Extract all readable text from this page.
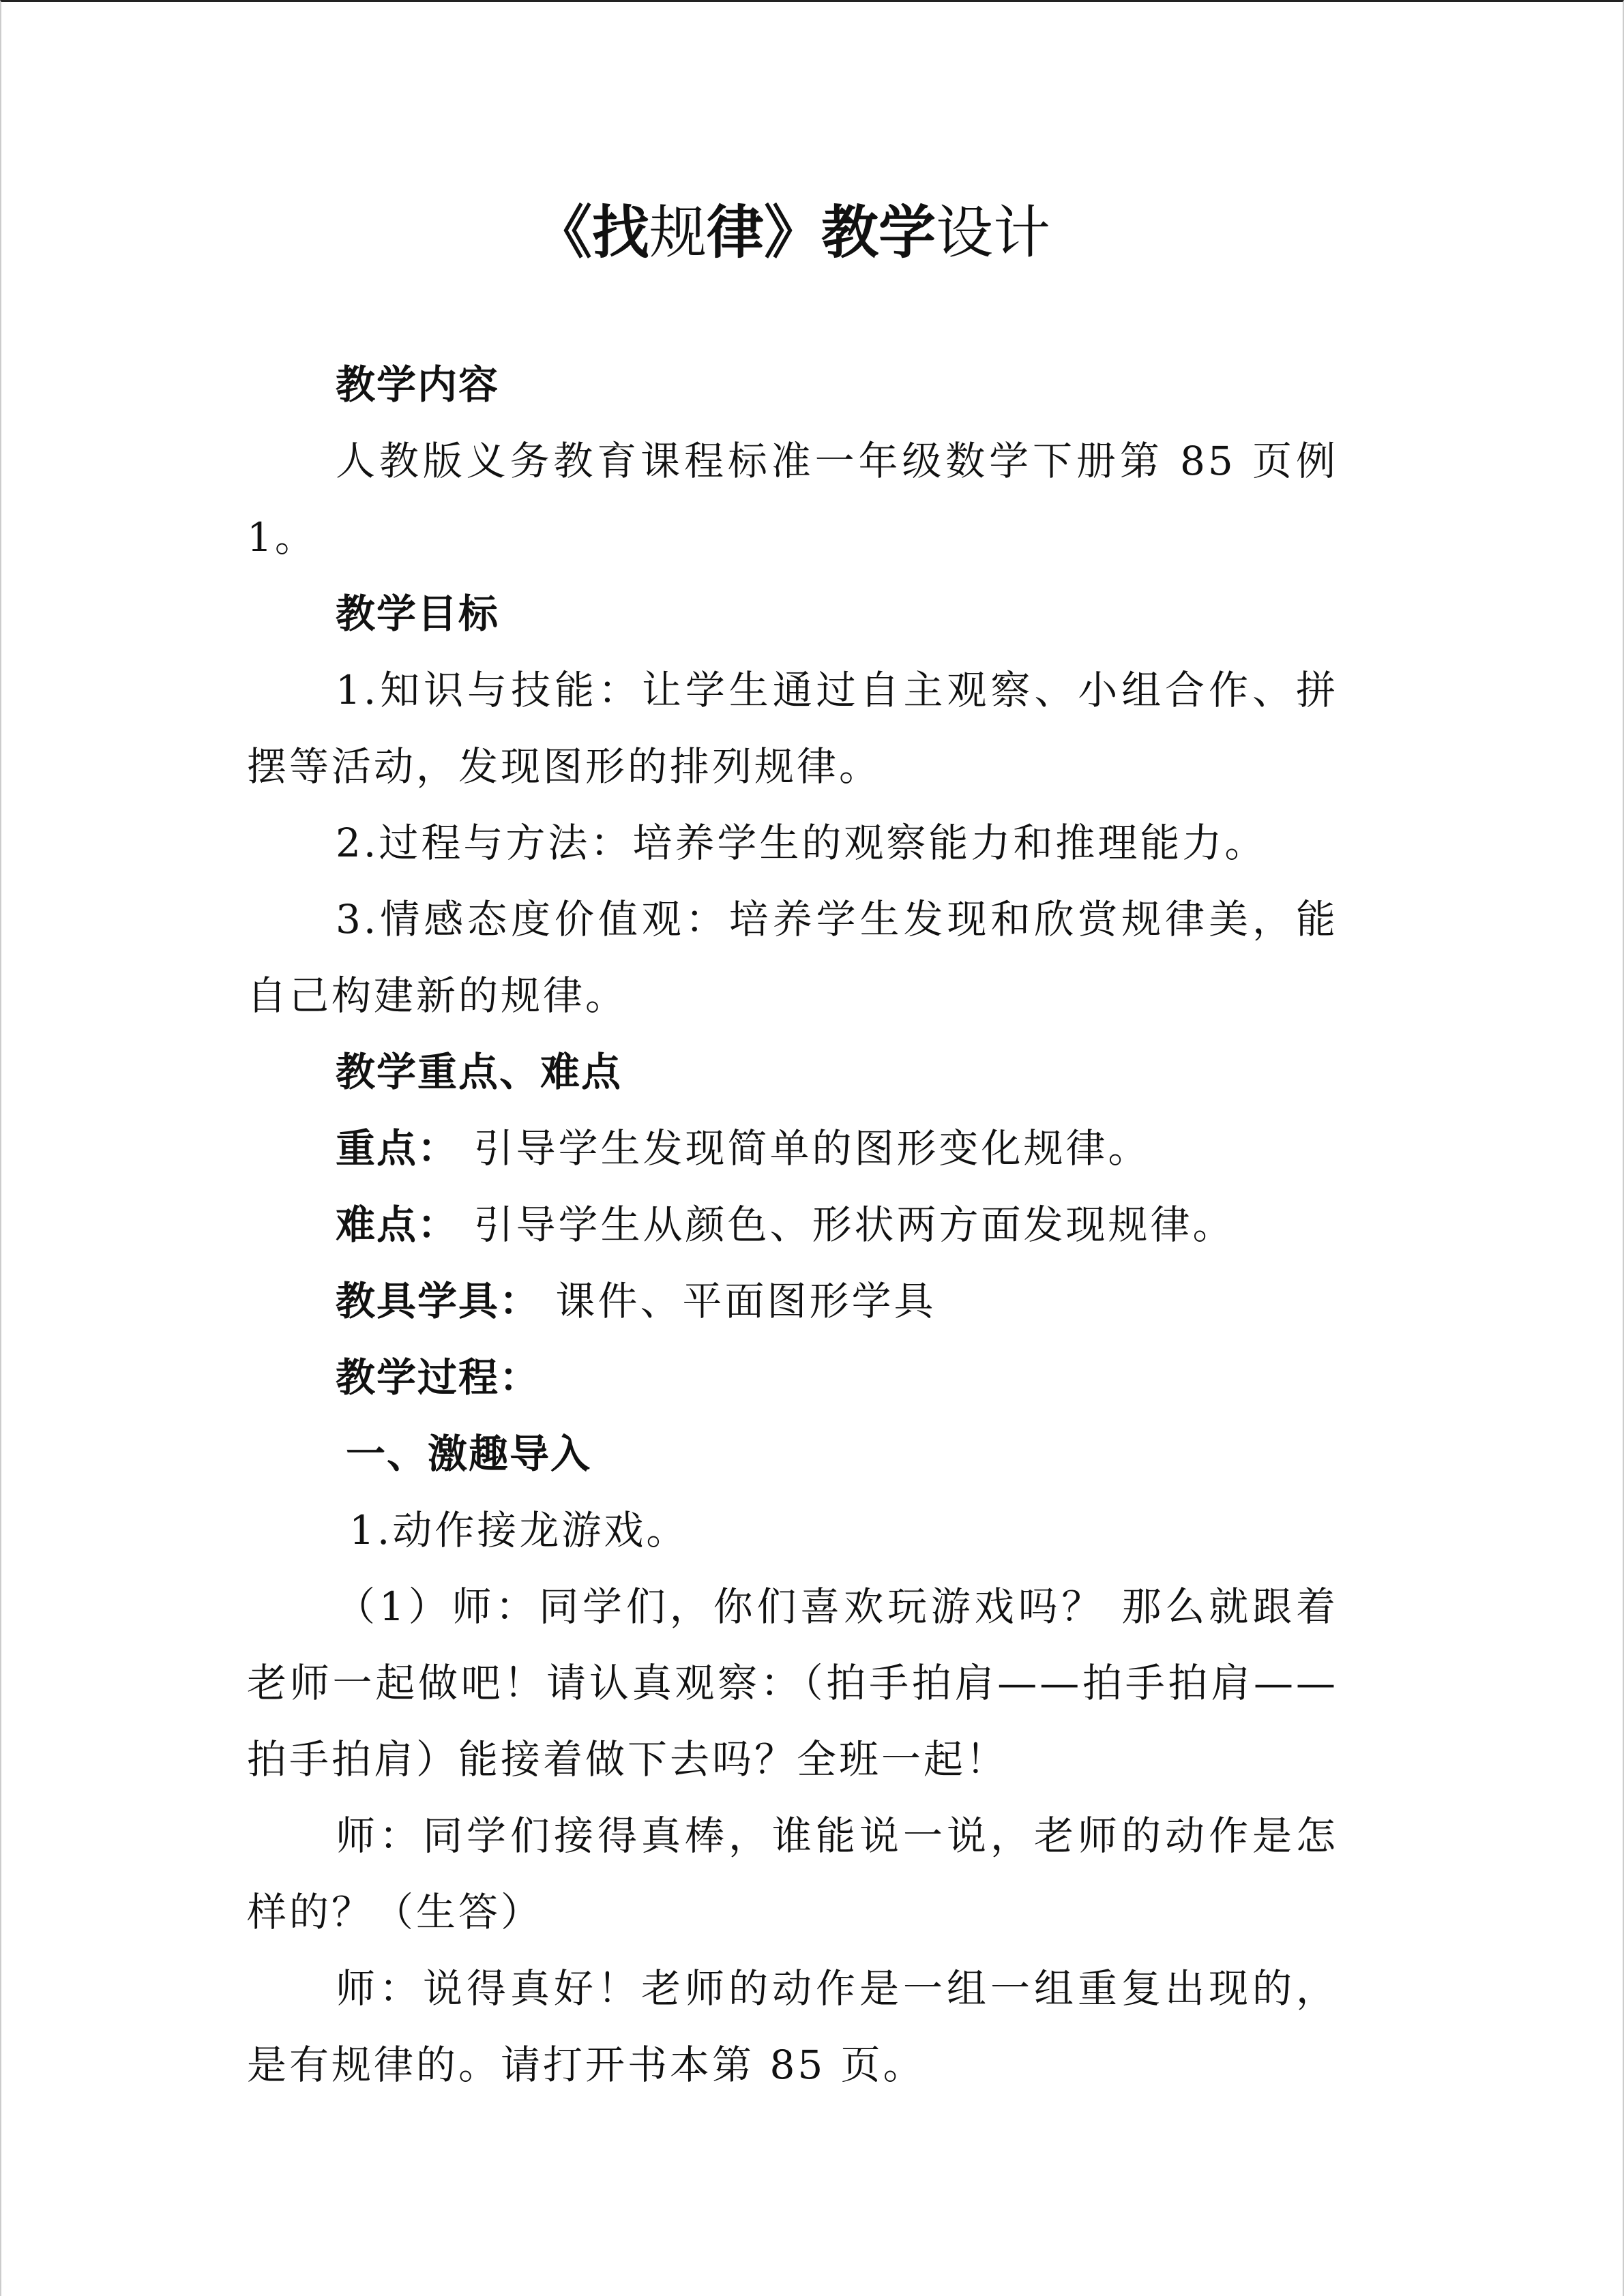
《找规律》教学设计

教学内容

人教版义务教育课程标准一年级数学下册第 85 页例1。

教学目标

1.知识与技能：让学生通过自主观察、小组合作、拼摆等活动，发现图形的排列规律。

2.过程与方法：培养学生的观察能力和推理能力。

3.情感态度价值观：培养学生发现和欣赏规律美，能自己构建新的规律。

教学重点、难点

重点： 引导学生发现简单的图形变化规律。

难点： 引导学生从颜色、形状两方面发现规律。

教具学具： 课件、平面图形学具

教学过程：

一、激趣导入

1.动作接龙游戏。

（1）师：同学们，你们喜欢玩游戏吗？ 那么就跟着老师一起做吧！请认真观察：（拍手拍肩——拍手拍肩——拍手拍肩）能接着做下去吗？全班一起！

师：同学们接得真棒，谁能说一说，老师的动作是怎样的？（生答）

师：说得真好！老师的动作是一组一组重复出现的，是有规律的。请打开书本第 85 页。
